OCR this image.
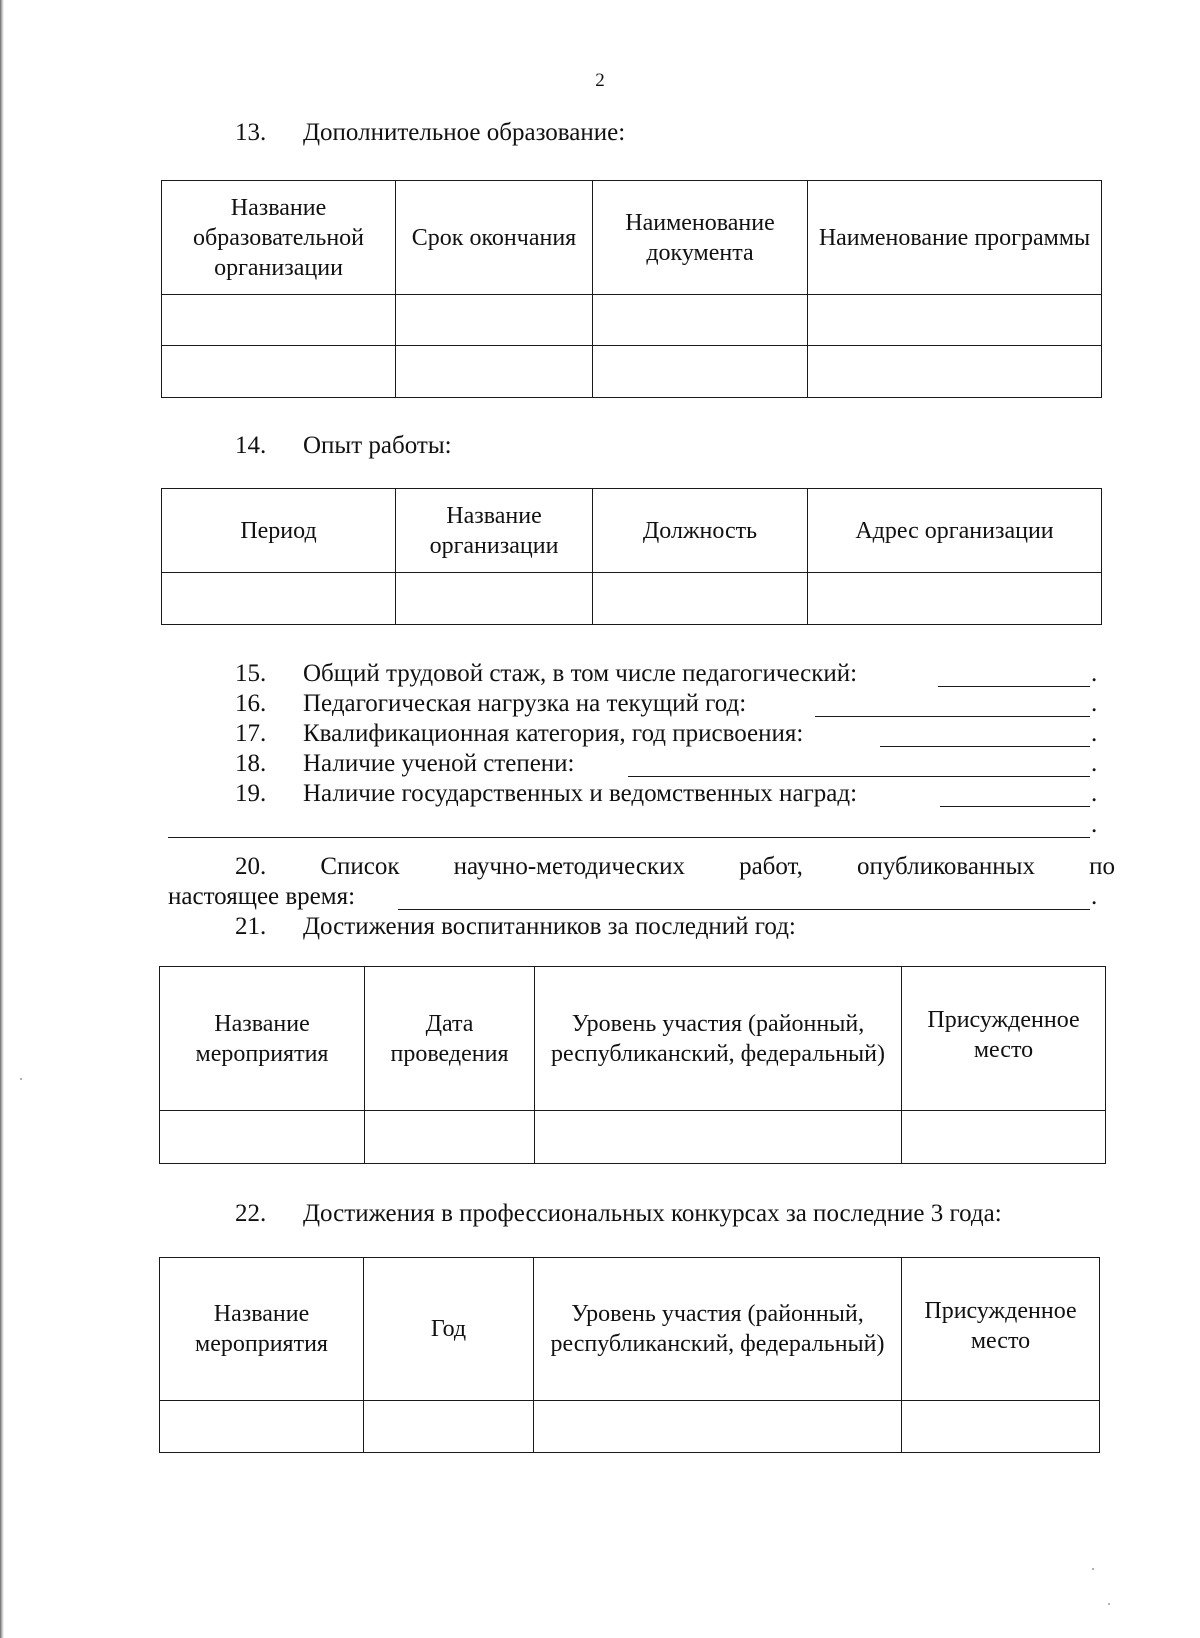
2
13. Дополнительное образование:
Название образовательной организации	Срок окончания	Наименование документа	Наименование программы

14. Опыт работы:
Период	Название организации	Должность	Адрес организации

15. Общий трудовой стаж, в том числе педагогический:	.
16. Педагогическая нагрузка на текущий год:	.
17. Квалификационная категория, год присвоения:	.
18. Наличие ученой степени:	.
19. Наличие государственных и ведомственных наград:	.
.
20. Список научно-методических работ, опубликованных по
настоящее время:	.
21. Достижения воспитанников за последний год:
Название мероприятия	Дата проведения	Уровень участия (районный, республиканский, федеральный)	Присужденное место

22. Достижения в профессиональных конкурсах за последние 3 года:
Название мероприятия	Год	Уровень участия (районный, республиканский, федеральный)	Присужденное место
